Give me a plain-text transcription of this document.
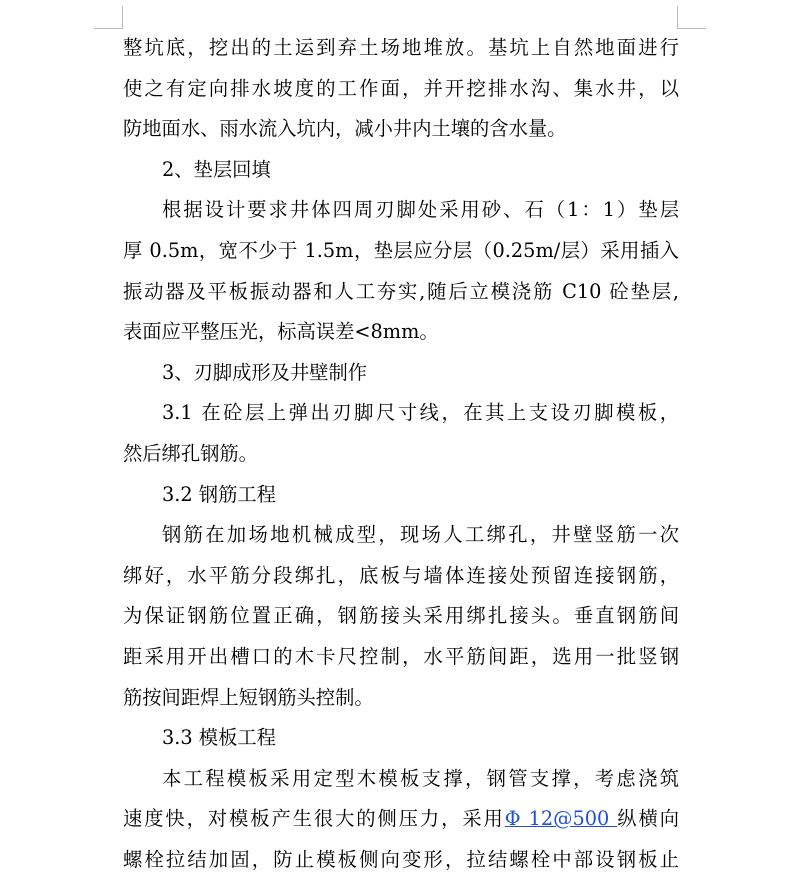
整坑底，挖出的土运到弃土场地堆放。基坑上自然地面进行
使之有定向排水坡度的工作面，并开挖排水沟、集水井，以
防地面水、雨水流入坑内，减小井内土壤的含水量。
2、垫层回填
根据设计要求井体四周刃脚处采用砂、石（1：1）垫层
厚 0.5m，宽不少于 1.5m，垫层应分层（0.25m/层）采用插入
振动器及平板振动器和人工夯实,随后立模浇筋 C10 砼垫层,
表面应平整压光，标高误差<8mm。
3、刃脚成形及井壁制作
3.1 在砼层上弹出刃脚尺寸线，在其上支设刃脚模板，
然后绑孔钢筋。
3.2 钢筋工程
钢筋在加场地机械成型，现场人工绑孔，井壁竖筋一次
绑好，水平筋分段绑扎，底板与墙体连接处预留连接钢筋，
为保证钢筋位置正确，钢筋接头采用绑扎接头。垂直钢筋间
距采用开出槽口的木卡尺控制，水平筋间距，选用一批竖钢
筋按间距焊上短钢筋头控制。
3.3 模板工程
本工程模板采用定型木模板支撑，钢管支撑，考虑浇筑
速度快，对模板产生很大的侧压力，采用Φ 12@500 纵横向
螺栓拉结加固，防止模板侧向变形，拉结螺栓中部设钢板止
